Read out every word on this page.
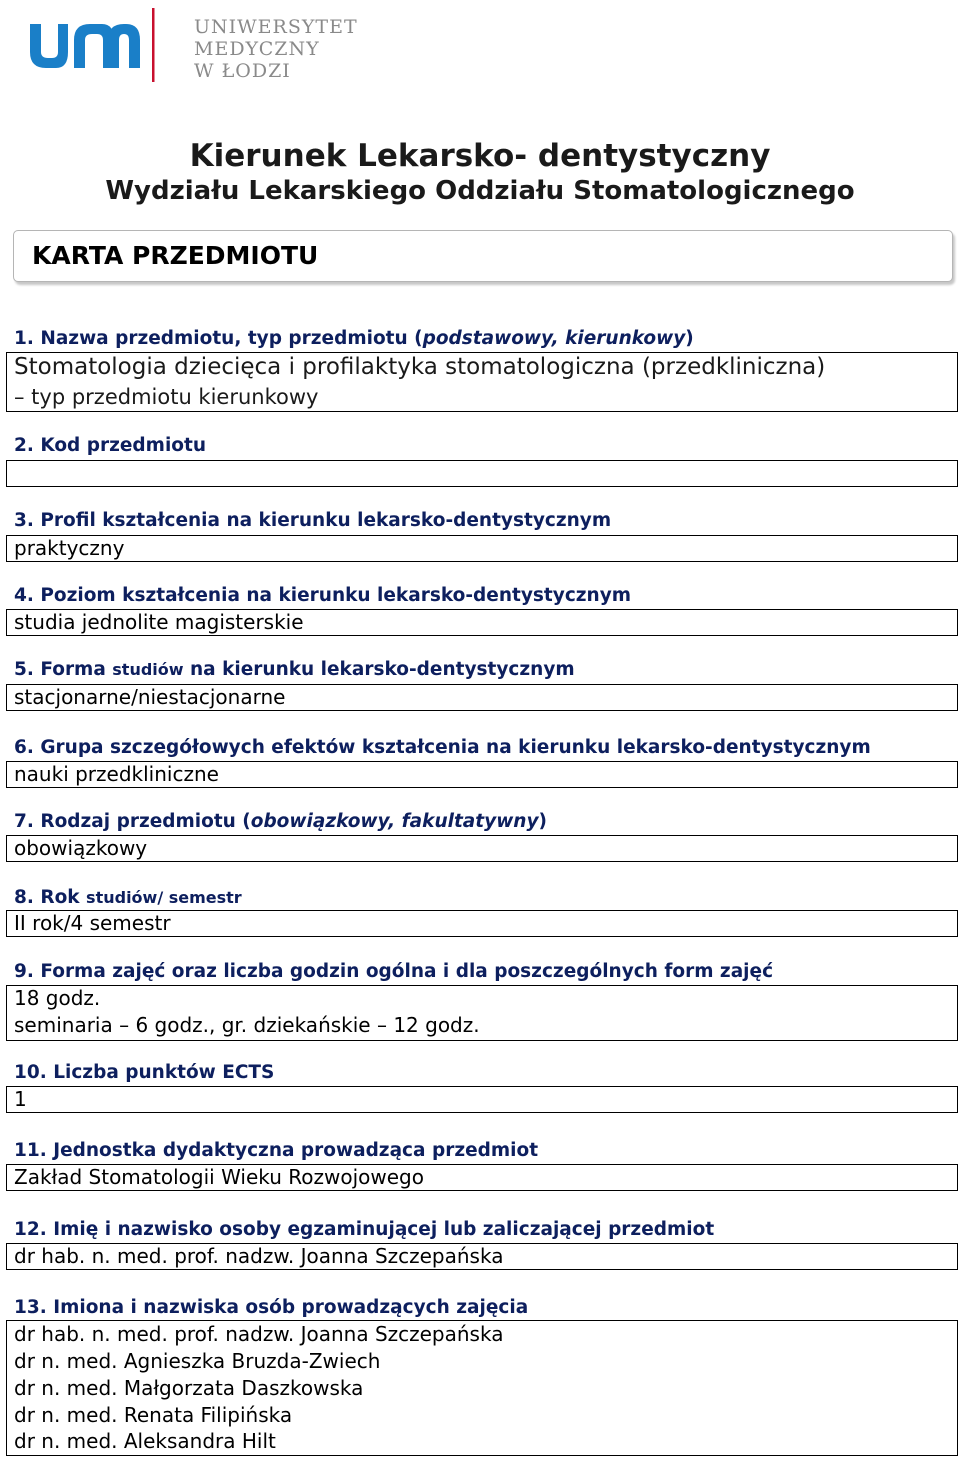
UNIWERSYTET
MEDYCZNY
W ŁODZI
Kierunek Lekarsko- dentystyczny
Wydziału Lekarskiego Oddziału Stomatologicznego
KARTA PRZEDMIOTU
1. Nazwa przedmiotu, typ przedmiotu (podstawowy, kierunkowy)
Stomatologia dziecięca i profilaktyka stomatologiczna (przedkliniczna)
– typ przedmiotu kierunkowy
2. Kod przedmiotu
3. Profil kształcenia na kierunku lekarsko-dentystycznym
praktyczny
4. Poziom kształcenia na kierunku lekarsko-dentystycznym
studia jednolite magisterskie
5. Forma studiów na kierunku lekarsko-dentystycznym
stacjonarne/niestacjonarne
6. Grupa szczegółowych efektów kształcenia na kierunku lekarsko-dentystycznym
nauki przedkliniczne
7. Rodzaj przedmiotu (obowiązkowy, fakultatywny)
obowiązkowy
8. Rok studiów/ semestr
II rok/4 semestr
9. Forma zajęć oraz liczba godzin ogólna i dla poszczególnych form zajęć
18 godz.
seminaria – 6 godz., gr. dziekańskie – 12 godz.
10. Liczba punktów ECTS
1
11. Jednostka dydaktyczna prowadząca przedmiot
Zakład Stomatologii Wieku Rozwojowego
12. Imię i nazwisko osoby egzaminującej lub zaliczającej przedmiot
dr hab. n. med. prof. nadzw. Joanna Szczepańska
13. Imiona i nazwiska osób prowadzących zajęcia
dr hab. n. med. prof. nadzw. Joanna Szczepańska
dr n. med. Agnieszka Bruzda-Zwiech
dr n. med. Małgorzata Daszkowska
dr n. med. Renata Filipińska
dr n. med. Aleksandra Hilt
